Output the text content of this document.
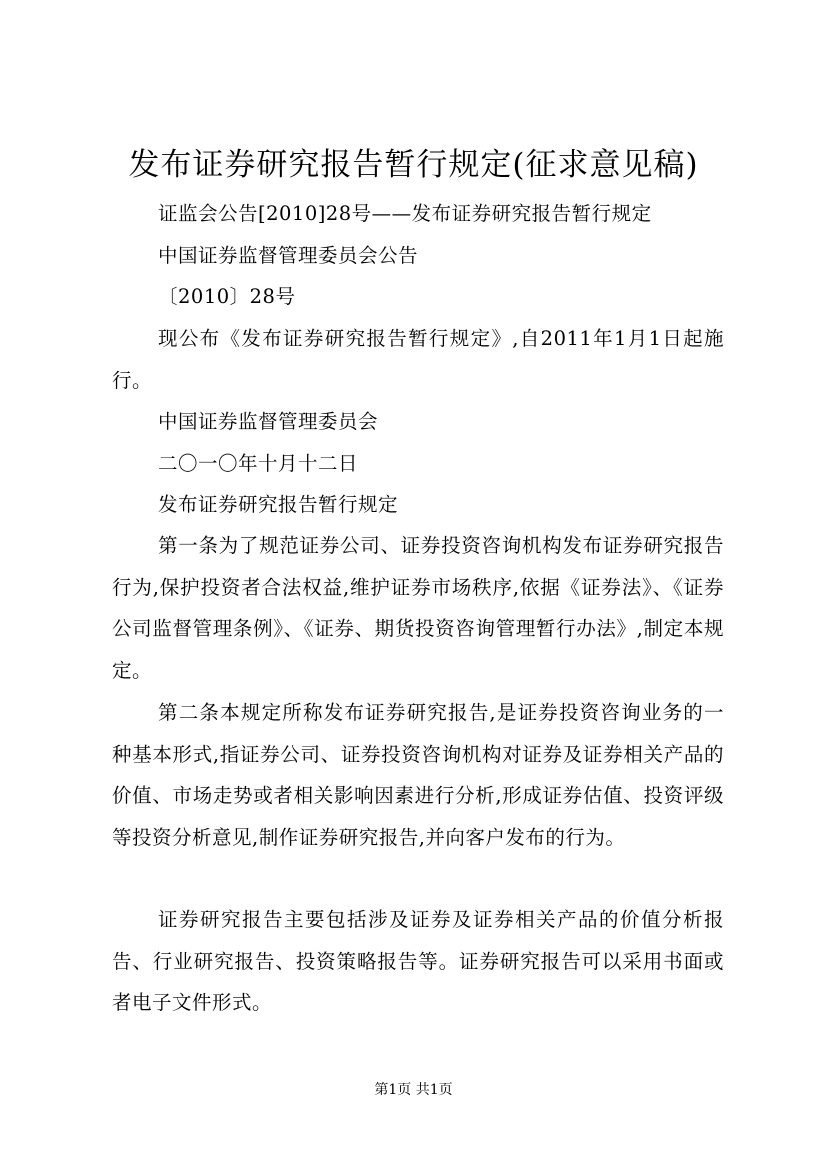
发布证券研究报告暂行规定(征求意见稿)
证监会公告[2010]28号——发布证券研究报告暂行规定
中国证券监督管理委员会公告
〔2010〕28号

现公布《发布证券研究报告暂行规定》,自2011年1月1日起施行。

中国证券监督管理委员会
二〇一〇年十月十二日
发布证券研究报告暂行规定

第一条为了规范证券公司、证券投资咨询机构发布证券研究报告行为,保护投资者合法权益,维护证券市场秩序,依据《证券法》、《证券公司监督管理条例》、《证券、期货投资咨询管理暂行办法》,制定本规定。

第二条本规定所称发布证券研究报告,是证券投资咨询业务的一种基本形式,指证券公司、证券投资咨询机构对证券及证券相关产品的价值、市场走势或者相关影响因素进行分析,形成证券估值、投资评级等投资分析意见,制作证券研究报告,并向客户发布的行为。

证券研究报告主要包括涉及证券及证券相关产品的价值分析报告、行业研究报告、投资策略报告等。证券研究报告可以采用书面或者电子文件形式。

第1页 共1页
